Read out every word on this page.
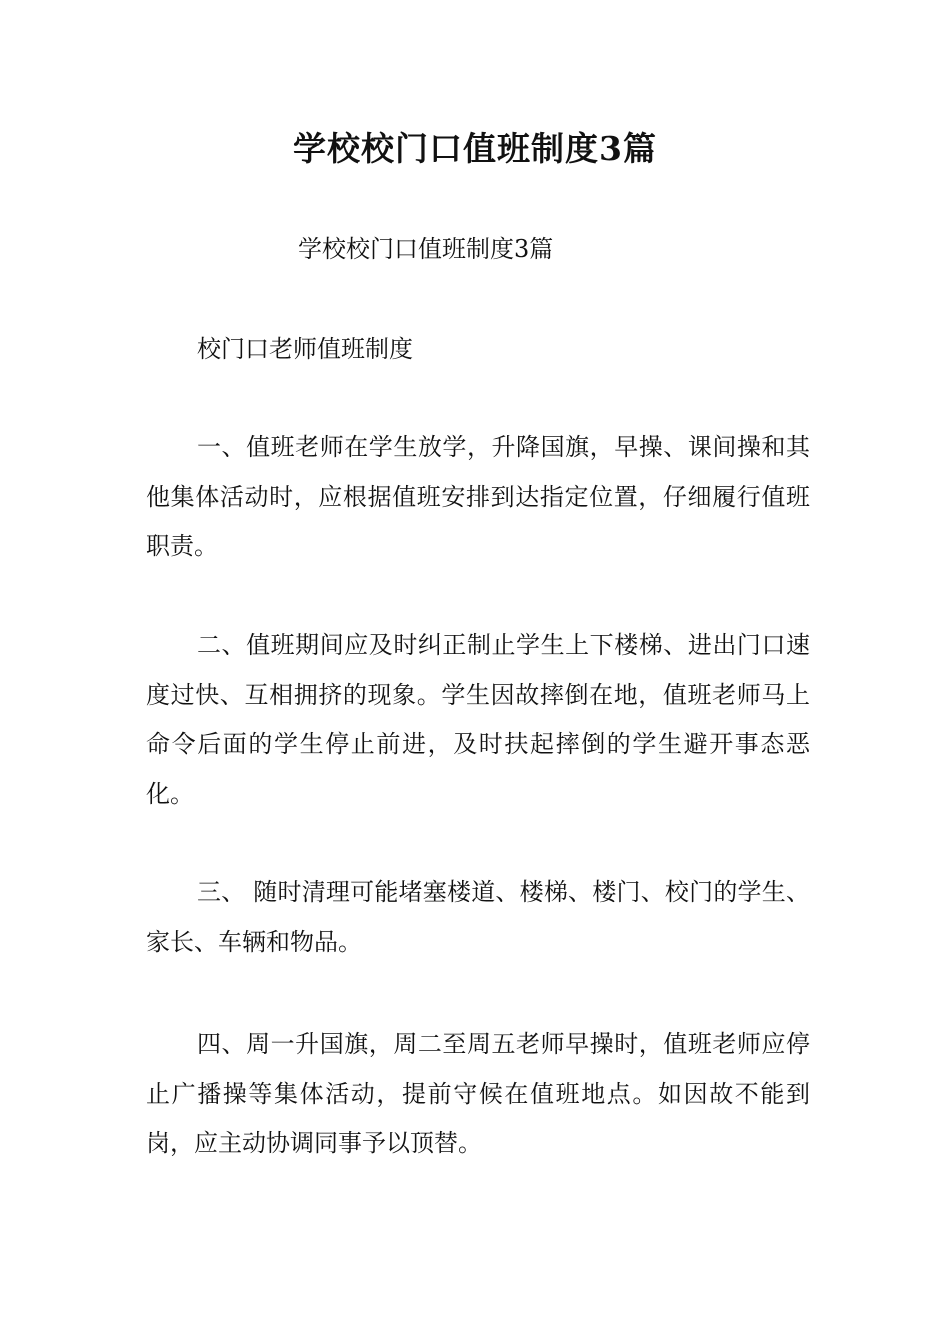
学校校门口值班制度3篇

学校校门口值班制度3篇

校门口老师值班制度

一、值班老师在学生放学，升降国旗，早操、课间操和其他集体活动时，应根据值班安排到达指定位置，仔细履行值班职责。

二、值班期间应及时纠正制止学生上下楼梯、进出门口速度过快、互相拥挤的现象。学生因故摔倒在地，值班老师马上命令后面的学生停止前进，及时扶起摔倒的学生避开事态恶化。

三、 随时清理可能堵塞楼道、楼梯、楼门、校门的学生、家长、车辆和物品。

四、周一升国旗，周二至周五老师早操时，值班老师应停止广播操等集体活动，提前守候在值班地点。如因故不能到岗，应主动协调同事予以顶替。
